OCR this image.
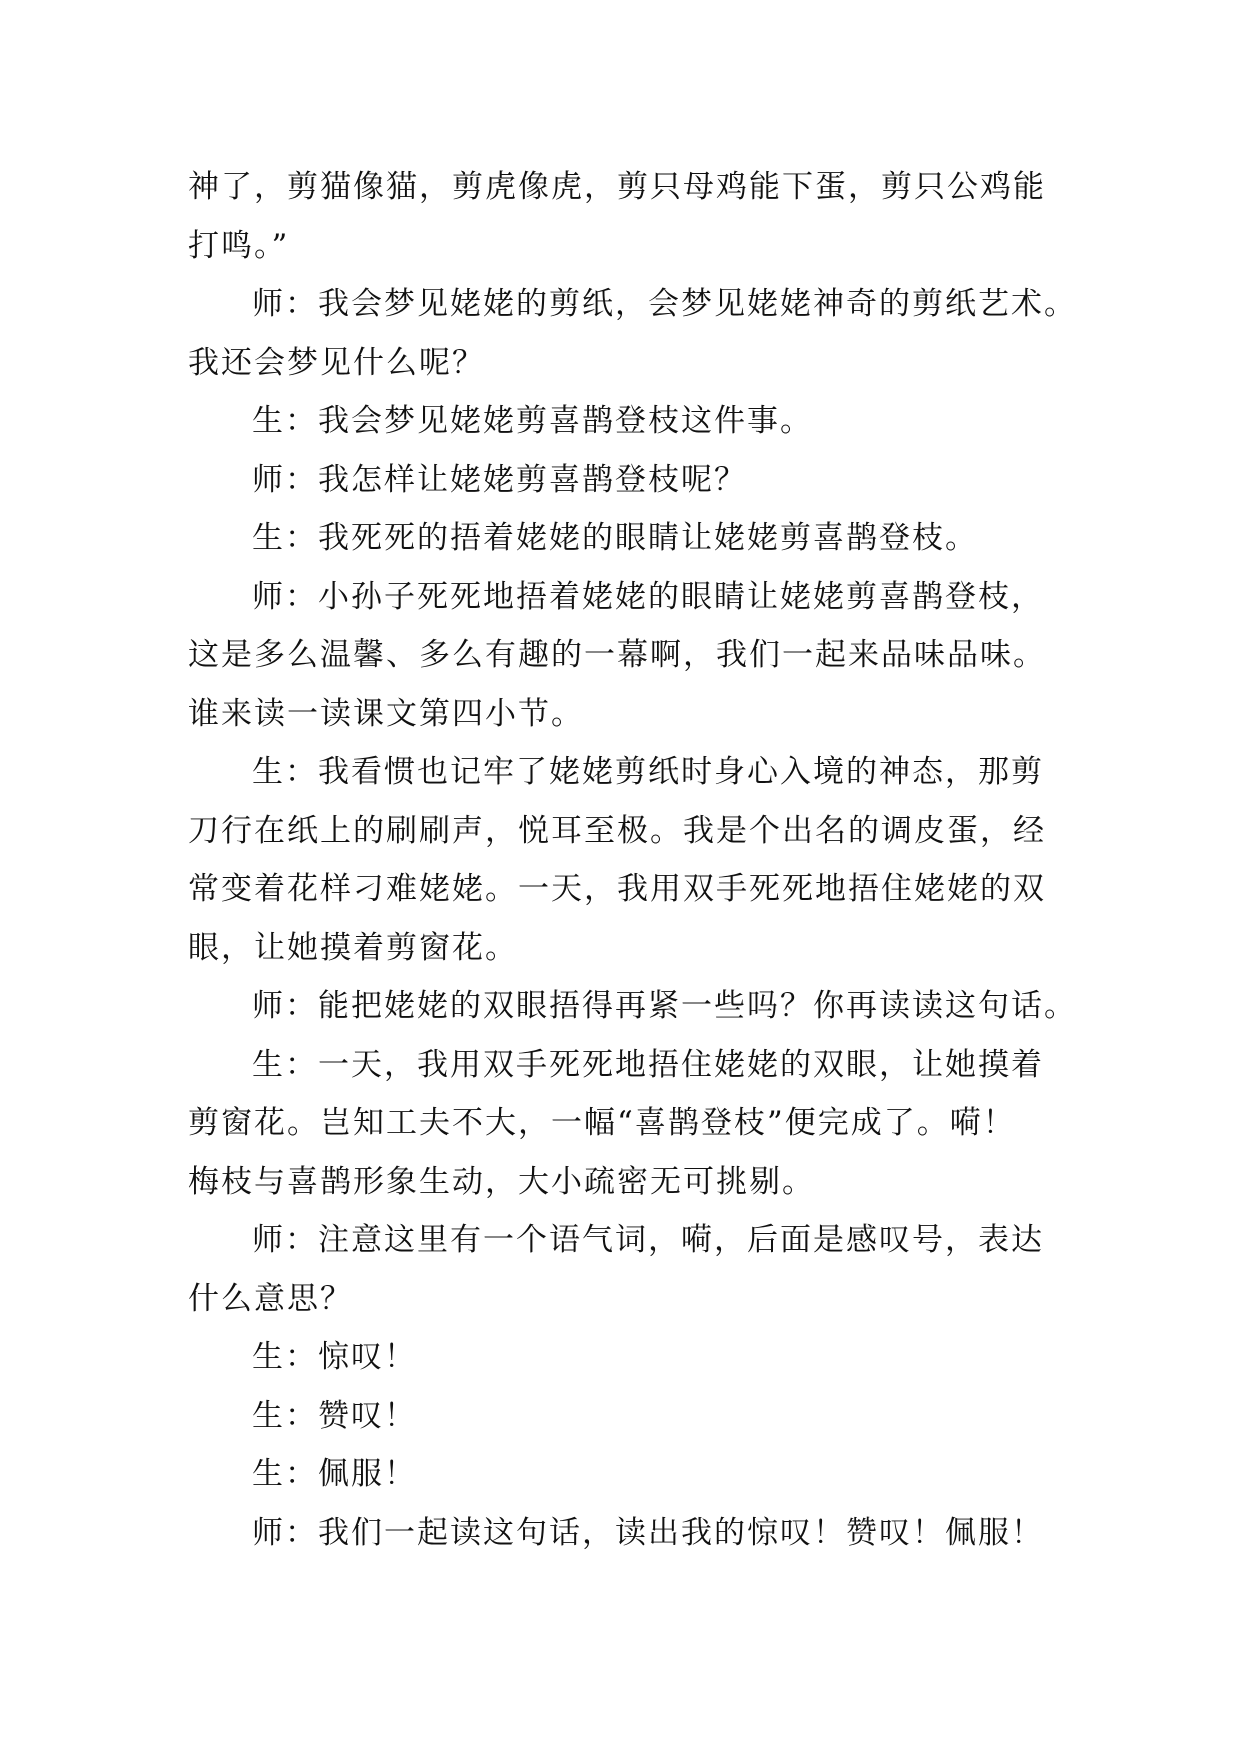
神了，剪猫像猫，剪虎像虎，剪只母鸡能下蛋，剪只公鸡能
打鸣。”
师：我会梦见姥姥的剪纸，会梦见姥姥神奇的剪纸艺术。
我还会梦见什么呢？
生：我会梦见姥姥剪喜鹊登枝这件事。
师：我怎样让姥姥剪喜鹊登枝呢？
生：我死死的捂着姥姥的眼睛让姥姥剪喜鹊登枝。
师：小孙子死死地捂着姥姥的眼睛让姥姥剪喜鹊登枝，
这是多么温馨、多么有趣的一幕啊，我们一起来品味品味。
谁来读一读课文第四小节。
生：我看惯也记牢了姥姥剪纸时身心入境的神态，那剪
刀行在纸上的刷刷声，悦耳至极。我是个出名的调皮蛋，经
常变着花样刁难姥姥。一天，我用双手死死地捂住姥姥的双
眼，让她摸着剪窗花。
师：能把姥姥的双眼捂得再紧一些吗？你再读读这句话。
生：一天，我用双手死死地捂住姥姥的双眼，让她摸着
剪窗花。岂知工夫不大，一幅“喜鹊登枝”便完成了。嗬！
梅枝与喜鹊形象生动，大小疏密无可挑剔。
师：注意这里有一个语气词，嗬，后面是感叹号，表达
什么意思？
生：惊叹！
生：赞叹！
生：佩服！
师：我们一起读这句话，读出我的惊叹！赞叹！佩服！
